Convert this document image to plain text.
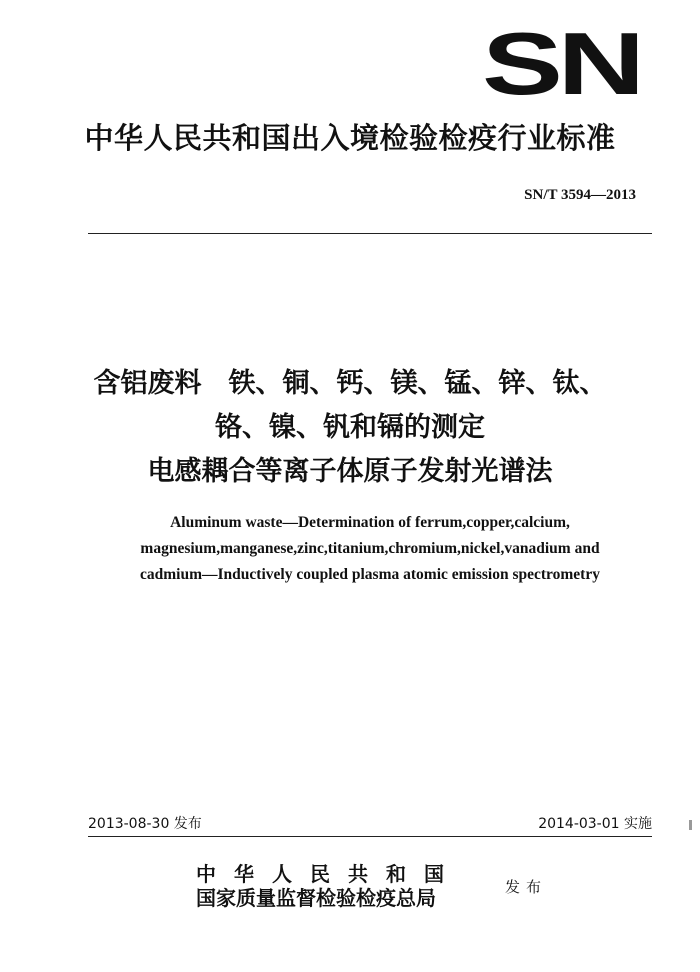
SN
中华人民共和国出入境检验检疫行业标准
SN/T 3594—2013
含铝废料　铁、铜、钙、镁、锰、锌、钛、
铬、镍、钒和镉的测定
电感耦合等离子体原子发射光谱法
Aluminum waste—Determination of ferrum,copper,calcium,
magnesium,manganese,zinc,titanium,chromium,nickel,vanadium and
cadmium—Inductively coupled plasma atomic emission spectrometry
2013-08-30 发布	2014-03-01 实施
中华人民共和国
国家质量监督检验检疫总局	发布
